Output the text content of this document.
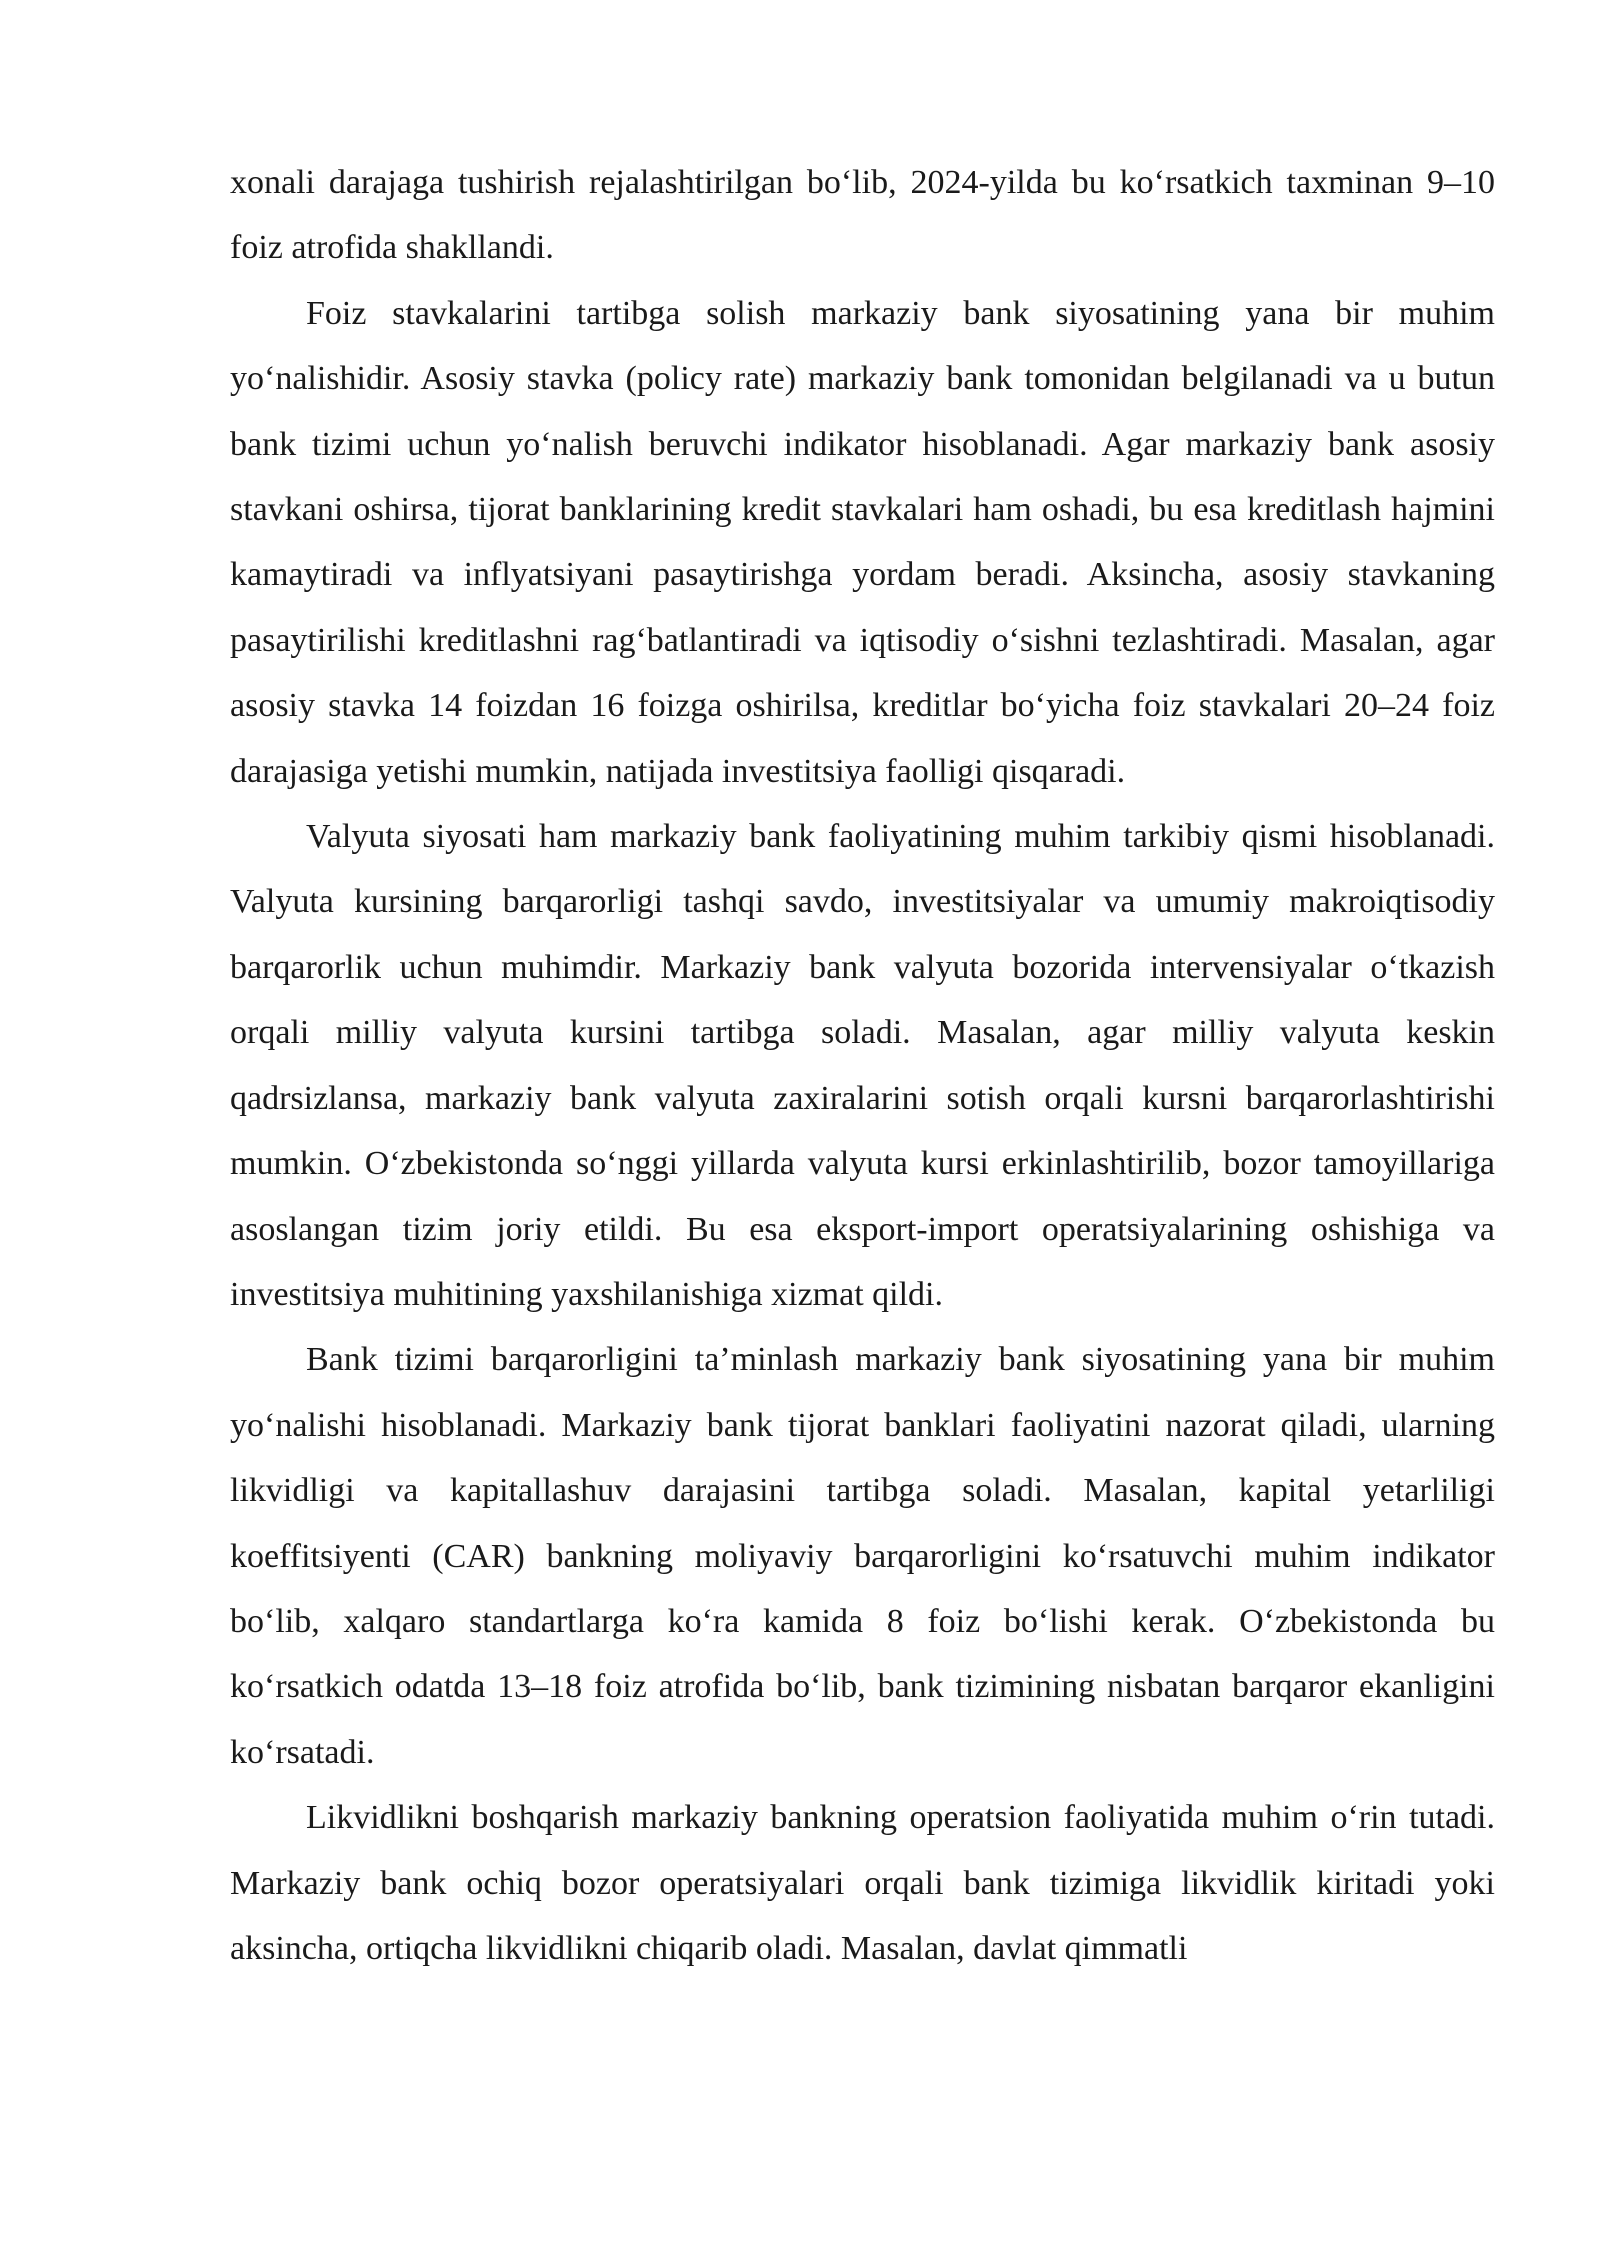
xonali darajaga tushirish rejalashtirilgan bo‘lib, 2024-yilda bu ko‘rsatkich taxminan 9–10 foiz atrofida shakllandi.

Foiz stavkalarini tartibga solish markaziy bank siyosatining yana bir muhim yo‘nalishidir. Asosiy stavka (policy rate) markaziy bank tomonidan belgilanadi va u butun bank tizimi uchun yo‘nalish beruvchi indikator hisoblanadi. Agar markaziy bank asosiy stavkani oshirsa, tijorat banklarining kredit stavkalari ham oshadi, bu esa kreditlash hajmini kamaytiradi va inflyatsiyani pasaytirishga yordam beradi. Aksincha, asosiy stavkaning pasaytirilishi kreditlashni rag‘batlantiradi va iqtisodiy o‘sishni tezlashtiradi. Masalan, agar asosiy stavka 14 foizdan 16 foizga oshirilsa, kreditlar bo‘yicha foiz stavkalari 20–24 foiz darajasiga yetishi mumkin, natijada investitsiya faolligi qisqaradi.

Valyuta siyosati ham markaziy bank faoliyatining muhim tarkibiy qismi hisoblanadi. Valyuta kursining barqarorligi tashqi savdo, investitsiyalar va umumiy makroiqtisodiy barqarorlik uchun muhimdir. Markaziy bank valyuta bozorida intervensiyalar o‘tkazish orqali milliy valyuta kursini tartibga soladi. Masalan, agar milliy valyuta keskin qadrsizlansa, markaziy bank valyuta zaxiralarini sotish orqali kursni barqarorlashtirishi mumkin. O‘zbekistonda so‘nggi yillarda valyuta kursi erkinlashtirilib, bozor tamoyillariga asoslangan tizim joriy etildi. Bu esa eksport-import operatsiyalarining oshishiga va investitsiya muhitining yaxshilanishiga xizmat qildi.

Bank tizimi barqarorligini ta’minlash markaziy bank siyosatining yana bir muhim yo‘nalishi hisoblanadi. Markaziy bank tijorat banklari faoliyatini nazorat qiladi, ularning likvidligi va kapitallashuv darajasini tartibga soladi. Masalan, kapital yetarliligi koeffitsiyenti (CAR) bankning moliyaviy barqarorligini ko‘rsatuvchi muhim indikator bo‘lib, xalqaro standartlarga ko‘ra kamida 8 foiz bo‘lishi kerak. O‘zbekistonda bu ko‘rsatkich odatda 13–18 foiz atrofida bo‘lib, bank tizimining nisbatan barqaror ekanligini ko‘rsatadi.

Likvidlikni boshqarish markaziy bankning operatsion faoliyatida muhim o‘rin tutadi. Markaziy bank ochiq bozor operatsiyalari orqali bank tizimiga likvidlik kiritadi yoki aksincha, ortiqcha likvidlikni chiqarib oladi. Masalan, davlat qimmatli
